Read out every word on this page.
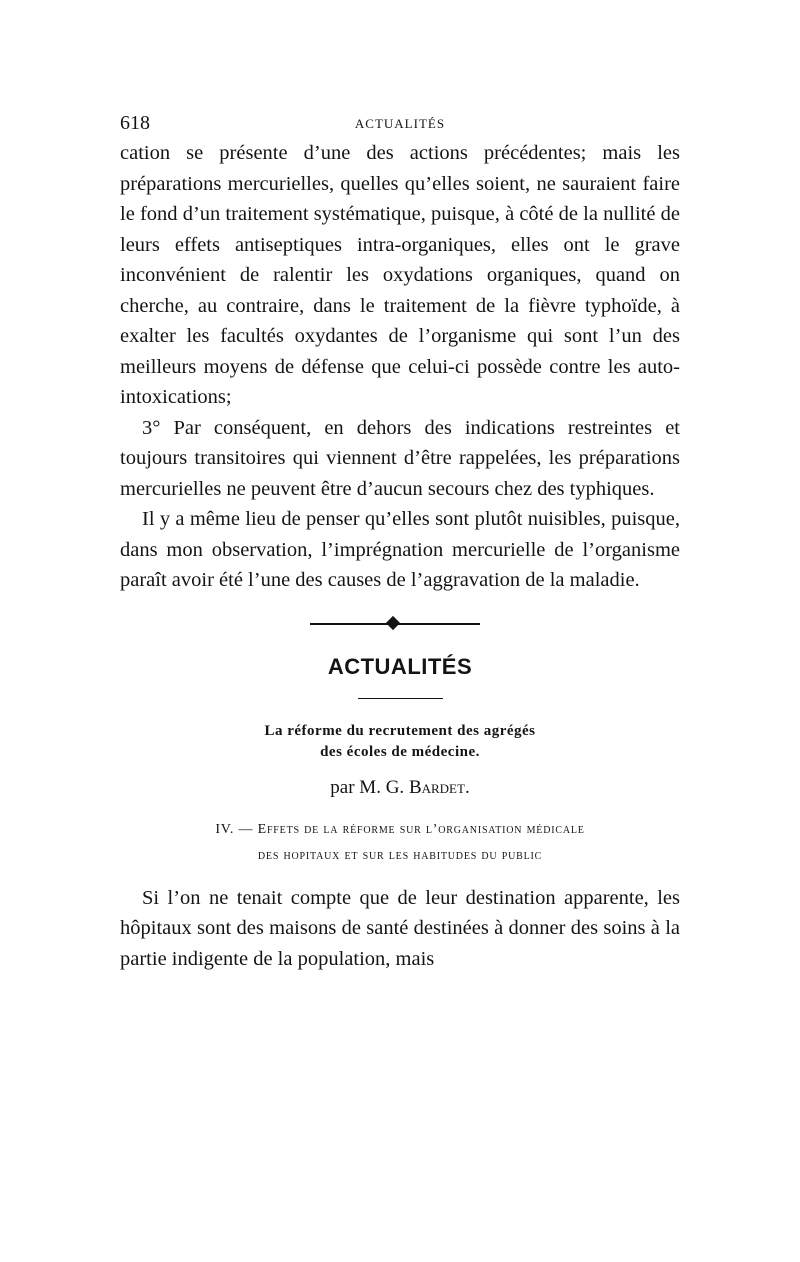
618	ACTUALITÉS

cation se présente d’une des actions précédentes; mais les préparations mercurielles, quelles qu’elles soient, ne sauraient faire le fond d’un traitement systématique, puisque, à côté de la nullité de leurs effets antiseptiques intra-organiques, elles ont le grave inconvénient de ralentir les oxydations organiques, quand on cherche, au contraire, dans le traitement de la fièvre typhoïde, à exalter les facultés oxydantes de l’organisme qui sont l’un des meilleurs moyens de défense que celui-ci possède contre les auto-intoxications;

3° Par conséquent, en dehors des indications restreintes et toujours transitoires qui viennent d’être rappelées, les préparations mercurielles ne peuvent être d’aucun secours chez des typhiques.

Il y a même lieu de penser qu’elles sont plutôt nuisibles, puisque, dans mon observation, l’imprégnation mercurielle de l’organisme paraît avoir été l’une des causes de l’aggravation de la maladie.

ACTUALITÉS
La réforme du recrutement des agrégés
des écoles de médecine.
par M. G. Bardet.
IV. — Effets de la réforme sur l’organisation médicale
des hopitaux et sur les habitudes du public

Si l’on ne tenait compte que de leur destination apparente, les hôpitaux sont des maisons de santé destinées à donner des soins à la partie indigente de la population, mais
